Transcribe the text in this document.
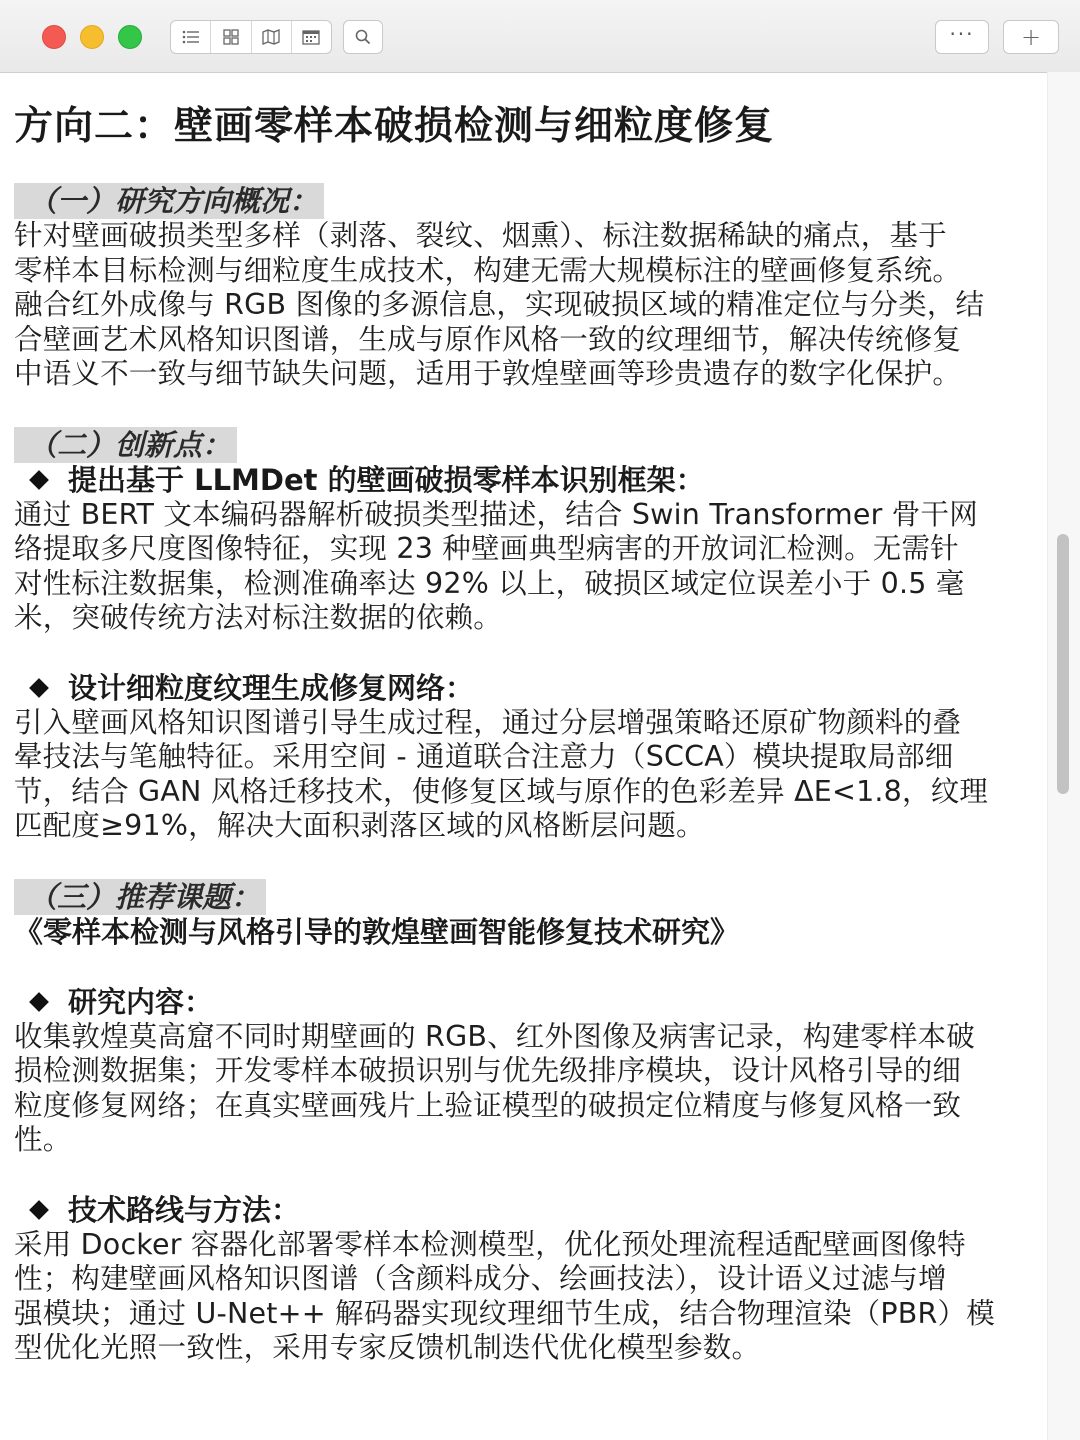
··· +
方向二：壁画零样本破损检测与细粒度修复
（一）研究方向概况：

针对壁画破损类型多样（剥落、裂纹、烟熏）、标注数据稀缺的痛点，基于

零样本目标检测与细粒度生成技术，构建无需大规模标注的壁画修复系统。

融合红外成像与 RGB 图像的多源信息，实现破损区域的精准定位与分类，结

合壁画艺术风格知识图谱，生成与原作风格一致的纹理细节，解决传统修复

中语义不一致与细节缺失问题，适用于敦煌壁画等珍贵遗存的数字化保护。

（二）创新点：

提出基于 LLMDet 的壁画破损零样本识别框架：

通过 BERT 文本编码器解析破损类型描述，结合 Swin Transformer 骨干网

络提取多尺度图像特征，实现 23 种壁画典型病害的开放词汇检测。无需针

对性标注数据集，检测准确率达 92% 以上，破损区域定位误差小于 0.5 毫

米，突破传统方法对标注数据的依赖。

设计细粒度纹理生成修复网络：

引入壁画风格知识图谱引导生成过程，通过分层增强策略还原矿物颜料的叠

晕技法与笔触特征。采用空间 - 通道联合注意力（SCCA）模块提取局部细

节，结合 GAN 风格迁移技术，使修复区域与原作的色彩差异 ΔE<1.8，纹理

匹配度≥91%，解决大面积剥落区域的风格断层问题。

（三）推荐课题：

《零样本检测与风格引导的敦煌壁画智能修复技术研究》

研究内容：

收集敦煌莫高窟不同时期壁画的 RGB、红外图像及病害记录，构建零样本破

损检测数据集；开发零样本破损识别与优先级排序模块，设计风格引导的细

粒度修复网络；在真实壁画残片上验证模型的破损定位精度与修复风格一致

性。

技术路线与方法：

采用 Docker 容器化部署零样本检测模型，优化预处理流程适配壁画图像特

性；构建壁画风格知识图谱（含颜料成分、绘画技法），设计语义过滤与增

强模块；通过 U-Net++ 解码器实现纹理细节生成，结合物理渲染（PBR）模

型优化光照一致性，采用专家反馈机制迭代优化模型参数。
